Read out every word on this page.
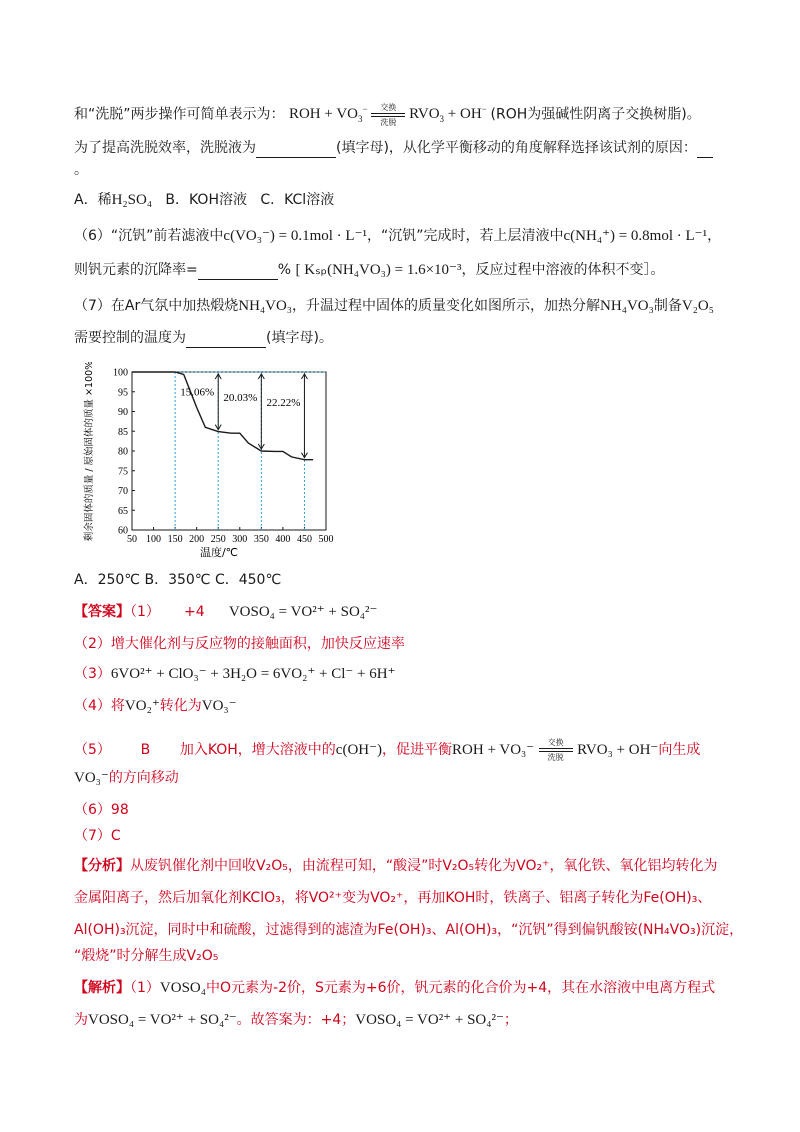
和“洗脱”两步操作可简单表示为： ROH + $VO_3^-$	交换
洗脱
$RVO_3 + OH^-$ (ROH为强碱性阴离子交换树脂)。
为了提高洗脱效率，洗脱液为	(填字母)，从化学平衡移动的角度解释选择该试剂的原因：
。
A．稀H₂SO₄ B．KOH溶液 C．KCl溶液
（6）“沉钒”前若滤液中c(VO₃⁻) = 0.1mol · L⁻¹，“沉钒”完成时，若上层清液中c(NH₄⁺) = 0.8mol · L⁻¹，
则钒元素的沉降率=	% [ Kₛₚ(NH₄VO₃) = 1.6×10⁻³，反应过程中溶液的体积不变］。
（7）在Ar气氛中加热煅烧NH₄VO₃，升温过程中固体的质量变化如图所示，加热分解NH₄VO₃制备V₂O₅
需要控制的温度为	(填字母)。
50 100 150 200 250 300 350 400 450 500
60
65
70
75
80
85
90
95
100
15.06% 20.03% 22.22%
温度/℃
剩余固体的质量 / 原始固体的质量 ×100%
A．250℃ B．350℃ C．450℃
【答案】（1） +4 VOSO₄ = VO²⁺ + SO₄²⁻
（2）增大催化剂与反应物的接触面积，加快反应速率
（3）6VO²⁺ + ClO₃⁻ + 3H₂O = 6VO₂⁺ + Cl⁻ + 6H⁺
（4）将VO₂⁺转化为VO₃⁻
（5） B 加入KOH，增大溶液中的c(OH⁻)，促进平衡ROH + VO₃⁻	交换
洗脱 RVO₃ + OH⁻向生成
VO₃⁻的方向移动
（6）98
（7）C
【分析】从废钒催化剂中回收V₂O₅，由流程可知，“酸浸”时V₂O₅转化为VO₂⁺，氧化铁、氧化铝均转化为
金属阳离子，然后加氧化剂KClO₃，将VO²⁺变为VO₂⁺，再加KOH时，铁离子、铝离子转化为Fe(OH)₃、
Al(OH)₃沉淀，同时中和硫酸，过滤得到的滤渣为Fe(OH)₃、Al(OH)₃，“沉钒”得到偏钒酸铵(NH₄VO₃)沉淀，
“煅烧”时分解生成V₂O₅
【解析】（1）VOSO₄中O元素为-2价，S元素为+6价，钒元素的化合价为+4，其在水溶液中电离方程式
为VOSO₄ = VO²⁺ + SO₄²⁻。故答案为：+4；VOSO₄ = VO²⁺ + SO₄²⁻；
